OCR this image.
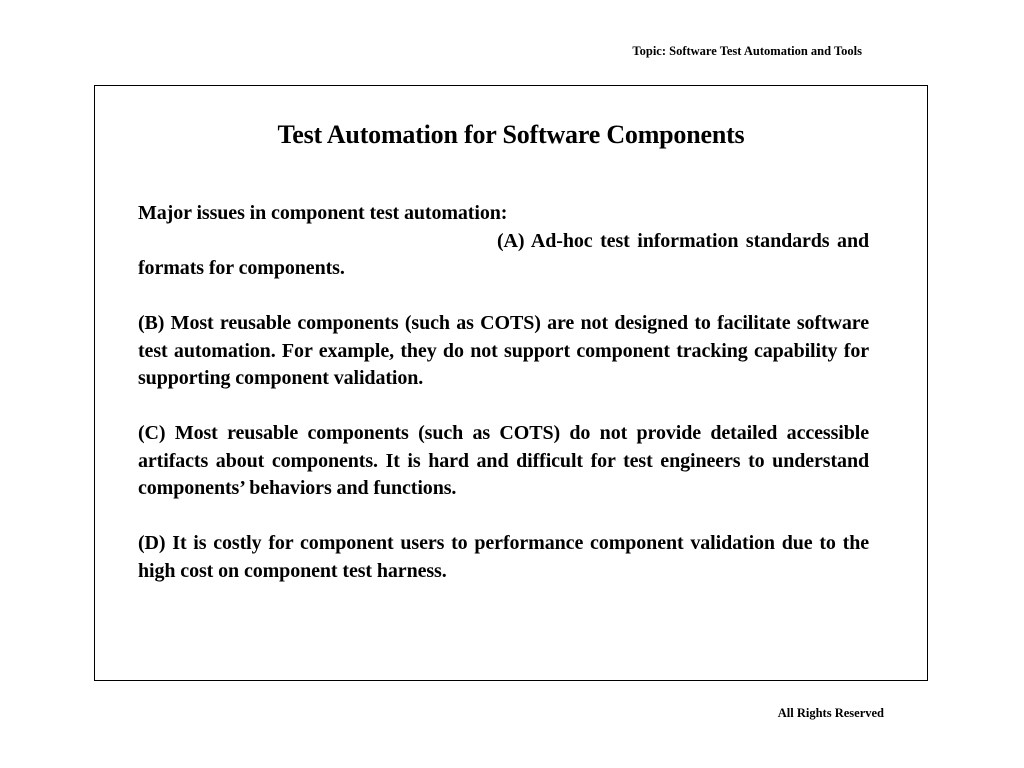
Topic: Software Test Automation and Tools
Test Automation for Software Components

Major issues in component test automation:

(A) Ad-hoc test information standards and formats for components.

(B) Most reusable components (such as COTS) are not designed to facilitate software test automation. For example, they do not support component tracking capability for supporting component validation.

(C) Most reusable components (such as COTS) do not provide detailed accessible artifacts about components. It is hard and difficult for test engineers to understand components’ behaviors and functions.

(D) It is costly for component users to performance component validation due to the high cost on component test harness.

All Rights Reserved
